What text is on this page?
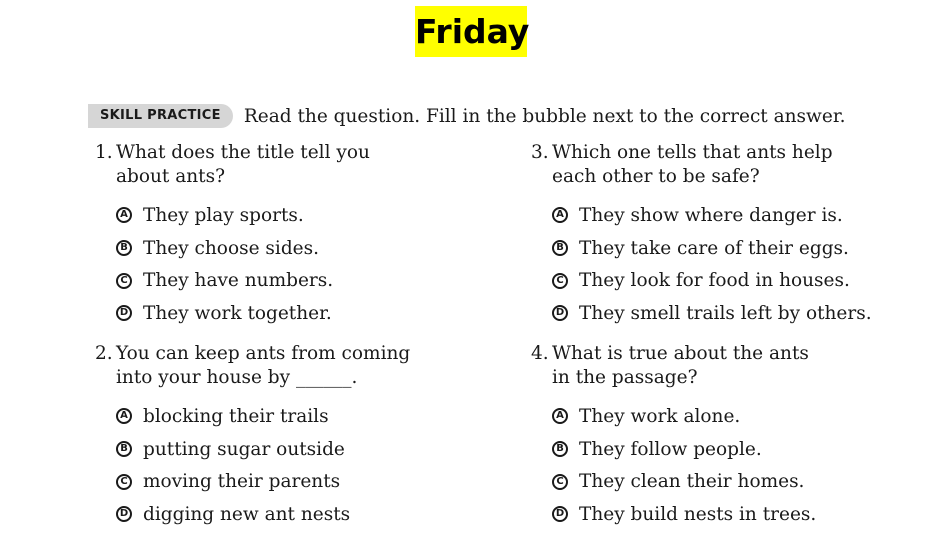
Friday
SKILL PRACTICE	Read the question. Fill in the bubble next to the correct answer.
1. What does the title tell you
about ants?
A They play sports.
B They choose sides.
C They have numbers.
D They work together.
2. You can keep ants from coming
into your house by ______.
A blocking their trails
B putting sugar outside
C moving their parents
D digging new ant nests
3. Which one tells that ants help
each other to be safe?
A They show where danger is.
B They take care of their eggs.
C They look for food in houses.
D They smell trails left by others.
4. What is true about the ants
in the passage?
A They work alone.
B They follow people.
C They clean their homes.
D They build nests in trees.
